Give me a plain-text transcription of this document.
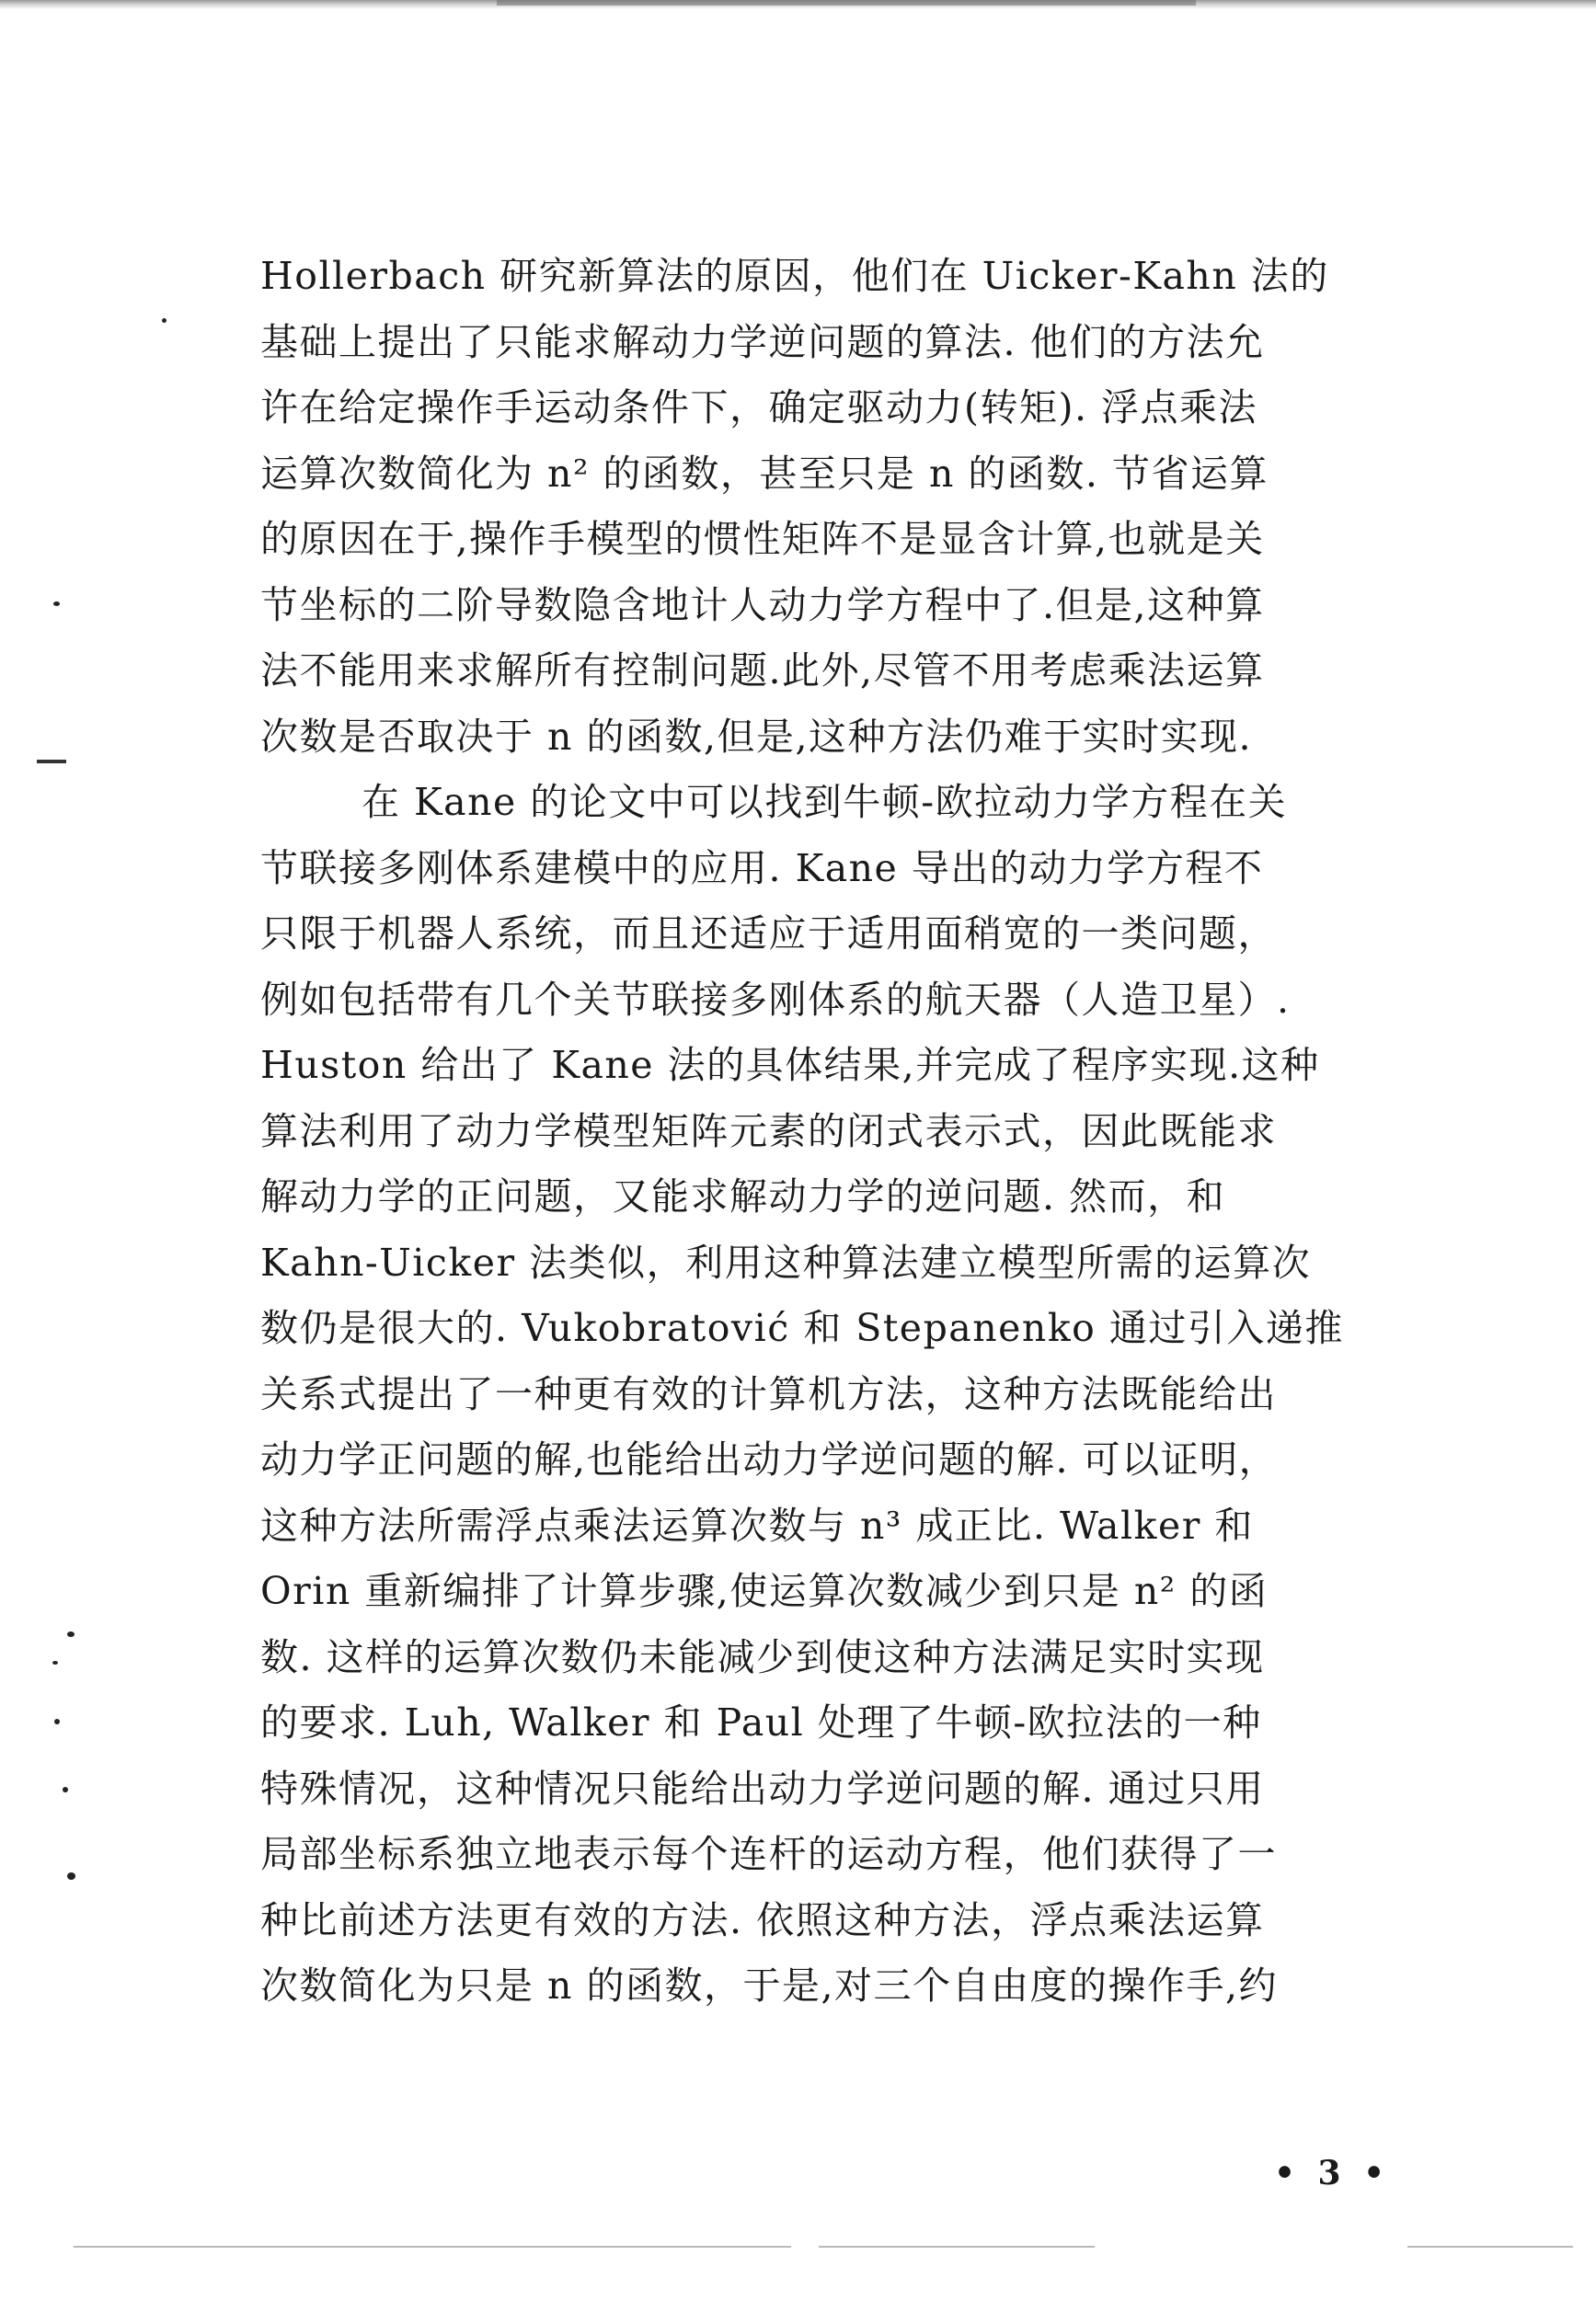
Hollerbach 研究新算法的原因，他们在 Uicker-Kahn 法的
基础上提出了只能求解动力学逆问题的算法. 他们的方法允
许在给定操作手运动条件下，确定驱动力(转矩). 浮点乘法
运算次数简化为 n² 的函数，甚至只是 n 的函数. 节省运算
的原因在于,操作手模型的惯性矩阵不是显含计算,也就是关
节坐标的二阶导数隐含地计人动力学方程中了.但是,这种算
法不能用来求解所有控制问题.此外,尽管不用考虑乘法运算
次数是否取决于 n 的函数,但是,这种方法仍难于实时实现.
在 Kane 的论文中可以找到牛顿-欧拉动力学方程在关
节联接多刚体系建模中的应用. Kane 导出的动力学方程不
只限于机器人系统，而且还适应于适用面稍宽的一类问题，
例如包括带有几个关节联接多刚体系的航天器（人造卫星）.
Huston 给出了 Kane 法的具体结果,并完成了程序实现.这种
算法利用了动力学模型矩阵元素的闭式表示式，因此既能求
解动力学的正问题，又能求解动力学的逆问题. 然而，和
Kahn-Uicker 法类似，利用这种算法建立模型所需的运算次
数仍是很大的. Vukobratović 和 Stepanenko 通过引入递推
关系式提出了一种更有效的计算机方法，这种方法既能给出
动力学正问题的解,也能给出动力学逆问题的解. 可以证明，
这种方法所需浮点乘法运算次数与 n³ 成正比. Walker 和
Orin 重新编排了计算步骤,使运算次数减少到只是 n² 的函
数. 这样的运算次数仍未能减少到使这种方法满足实时实现
的要求. Luh, Walker 和 Paul 处理了牛顿-欧拉法的一种
特殊情况，这种情况只能给出动力学逆问题的解. 通过只用
局部坐标系独立地表示每个连杆的运动方程，他们获得了一
种比前述方法更有效的方法. 依照这种方法，浮点乘法运算
次数简化为只是 n 的函数，于是,对三个自由度的操作手,约
• 3 •
